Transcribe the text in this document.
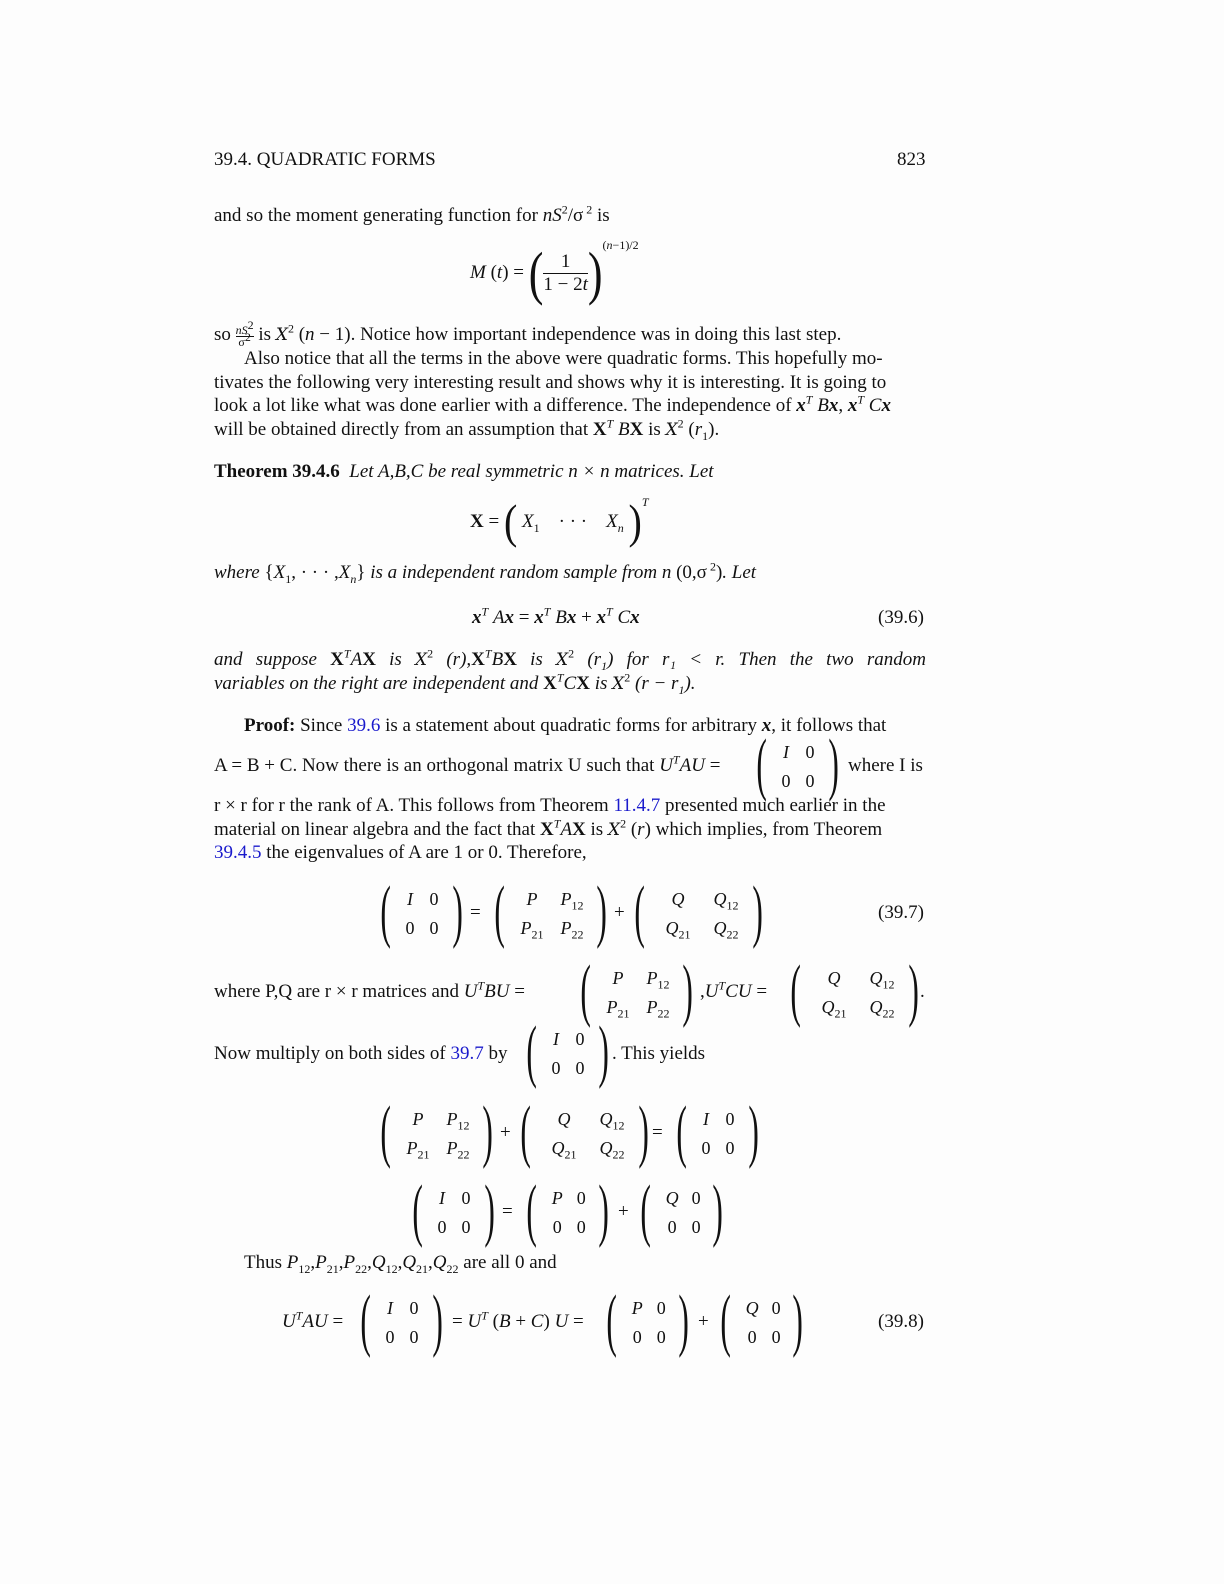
39.4. QUADRATIC FORMS	823
and so the moment generating function for $nS^2/\sigma$ $^2$ is
M (t) = ( $\frac{1}{1 - 2t} )^{(n-1)/2}$
so $\frac{nS^2}{\sigma^2}$ is $X^2$ (n − 1). Notice how important independence was in doing this last step.
Also notice that all the terms in the above were quadratic forms. This hopefully mo-
tivates the following very interesting result and shows why it is interesting. It is going to
look a lot like what was done earlier with a difference. The independence of $x^T$ Bx, $x^T$ Cx
will be obtained directly from an assumption that $X^T$ BX is $X^2$ $(r_1)$.
Theorem 39.4.6 Let A,B,C be real symmetric n × n matrices. Let
X = ( $X_1$    · · ·    $X_n$ )$^T$
where {$X_1$, · · · $,X_n$} is a independent random sample from n (0,σ $^2$). Let
$x^T$ $Ax = x^T$ $Bx + x^T$ Cx	(39.6)
and suppose $X^TAX$ is $X^2$ $(r),X^TBX$ is $X^2$ $(r_1)$ for r₁ < r. Then the two random
variables on the right are independent and $X^TCX$ is $X^2$ $(r - r_1)$.
Proof: Since 39.6 is a statement about quadratic forms for arbitrary x, it follows that
A = B + C. Now there is an orthogonal matrix U such that $U^TAU$ = ( I	0
0	0 ) where I is
r × r for r the rank of A. This follows from Theorem 11.4.7 presented much earlier in the
material on linear algebra and the fact that $X^TAX$ is $X^2$ (r) which implies, from Theorem
39.4.5 the eigenvalues of A are 1 or 0. Therefore,
( I	0
0	0 ) = ( P	$P_{12}$
$P_{21}$	$P_{22}$ ) + ( Q	$Q_{12}$
$Q_{21}$	$Q_{22}$ )	(39.7)
where P,Q are r × r matrices and $U^TBU$ = ( P	$P_{12}$
$P_{21}$	$P_{22}$ ) $,U^TCU$ = ( Q	$Q_{12}$
$Q_{21}$	$Q_{22}$ ) .
Now multiply on both sides of 39.7 by ( I	0
0	0 ) . This yields
( P	$P_{12}$
$P_{21}$	$P_{22}$ ) + ( Q	$Q_{12}$
$Q_{21}$	$Q_{22}$ ) = ( I	0
0	0 )
( I	0
0	0 ) = ( P	0
0	0 ) + ( Q	0
0	0 )
Thus $P_{12},P_{21},P_{22},Q_{12},Q_{21},Q_{22}$ are all 0 and
$U^TAU$ = ( I	0
0	0 ) = $U^T$ (B + C) U = ( P	0
0	0 ) + ( Q	0
0	0 )	(39.8)
